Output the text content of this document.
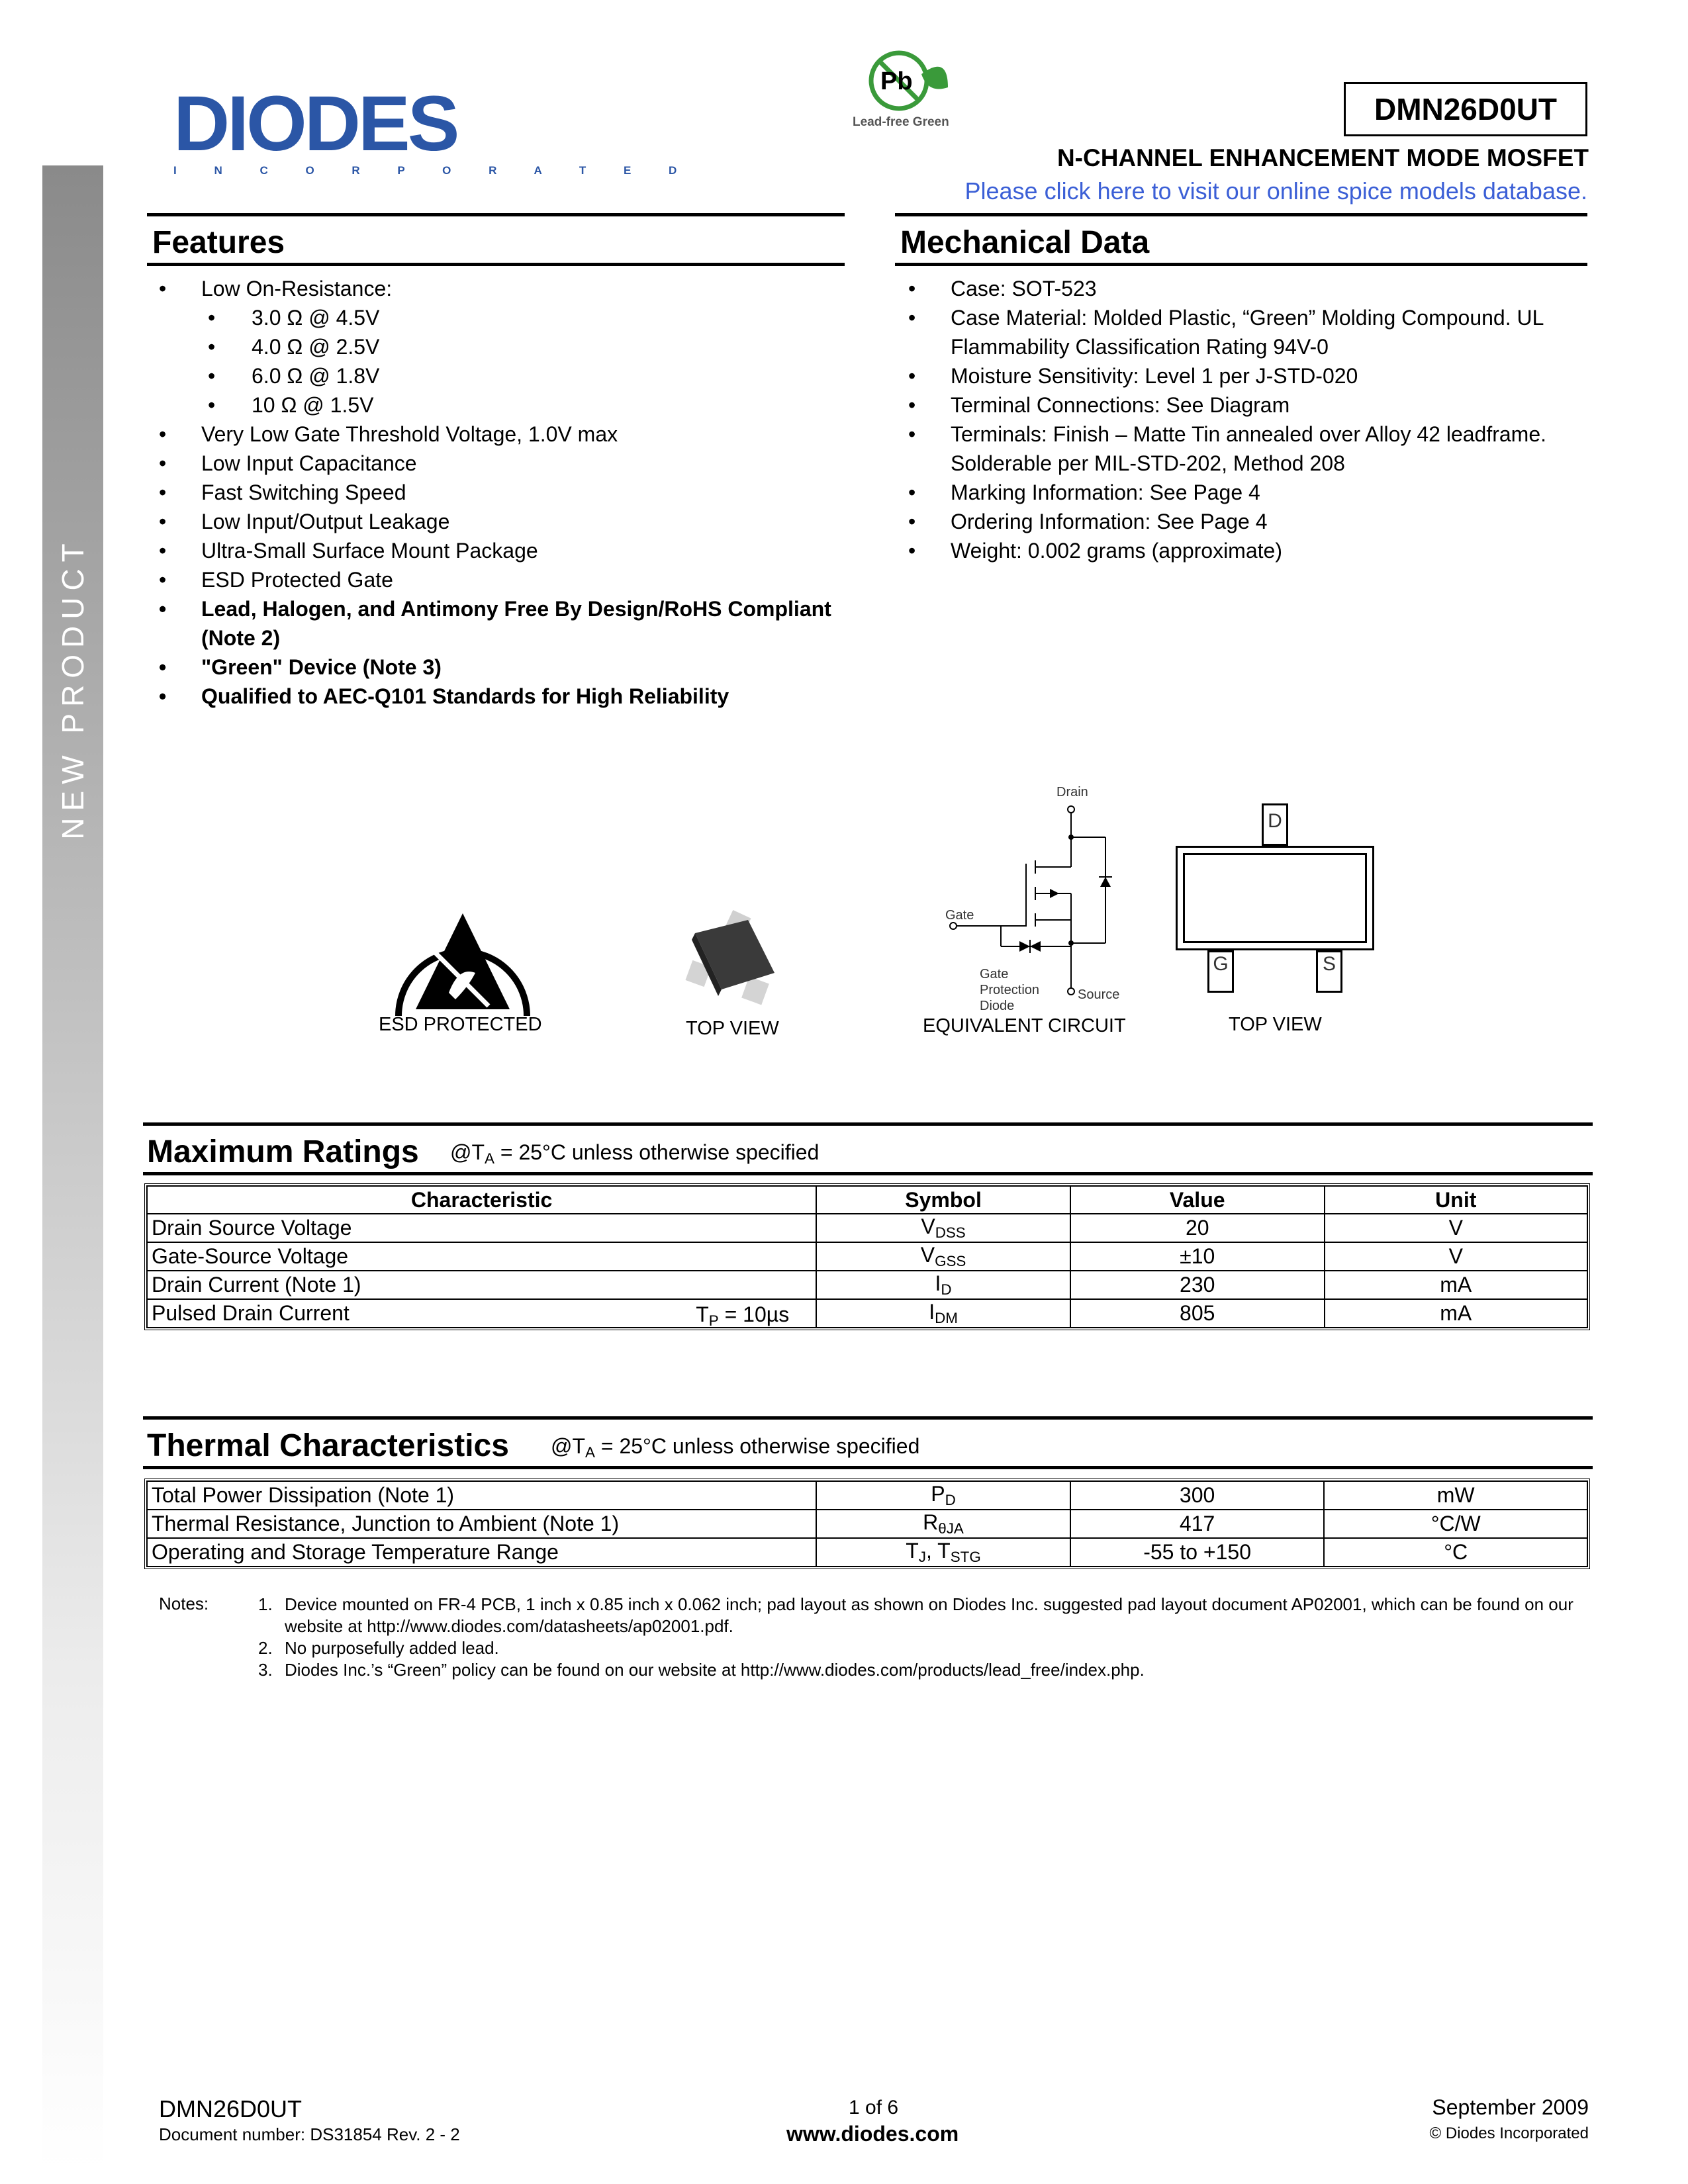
NEW PRODUCT
DIODES
I N C O R P O R A T E D
Pb
Lead-free Green	DMN26D0UT
N-CHANNEL ENHANCEMENT MODE MOSFET
Please click here to visit our online spice models database.
Features
• Low On-Resistance:
• 3.0 Ω @ 4.5V
• 4.0 Ω @ 2.5V
• 6.0 Ω @ 1.8V
• 10 Ω @ 1.5V
• Very Low Gate Threshold Voltage, 1.0V max
• Low Input Capacitance
• Fast Switching Speed
• Low Input/Output Leakage
• Ultra-Small Surface Mount Package
• ESD Protected Gate
• Lead, Halogen, and Antimony Free By Design/RoHS Compliant (Note 2)
• "Green" Device (Note 3)
• Qualified to AEC-Q101 Standards for High Reliability
Mechanical Data
• Case: SOT-523
• Case Material: Molded Plastic, “Green” Molding Compound. UL Flammability Classification Rating 94V-0
• Moisture Sensitivity: Level 1 per J-STD-020
• Terminal Connections: See Diagram
• Terminals: Finish – Matte Tin annealed over Alloy 42 leadframe. Solderable per MIL-STD-202, Method 208
• Marking Information: See Page 4
• Ordering Information: See Page 4
• Weight: 0.002 grams (approximate)
ESD PROTECTED	TOP VIEW
Drain
Gate
Gate Protection Diode
Source
EQUIVALENT CIRCUIT
D
G	S
TOP VIEW
Maximum Ratings $@T_A = 25^\circ C$ unless otherwise specified
Characteristic	Symbol	Value	Unit
Drain Source Voltage	$V_{DSS}$	20	V
Gate-Source Voltage	$V_{GSS}$	±10	V
Drain Current (Note 1)	$I_D$	230	mA
Pulsed Drain Current $T_P = 10\mu s$	$I_{DM}$	805	mA
Thermal Characteristics $@T_A = 25^\circ C$ unless otherwise specified
Total Power Dissipation (Note 1)	$P_D$	300	mW
Thermal Resistance, Junction to Ambient (Note 1)	$R_{\theta JA}$	417	°C/W
Operating and Storage Temperature Range	$T_J$, $T_{STG}$	-55 to +150	°C
Notes:	1. Device mounted on FR-4 PCB, 1 inch x 0.85 inch x 0.062 inch; pad layout as shown on Diodes Inc. suggested pad layout document AP02001, which can be found on our website at http://www.diodes.com/datasheets/ap02001.pdf.
2. No purposefully added lead.
3. Diodes Inc.’s “Green” policy can be found on our website at http://www.diodes.com/products/lead_free/index.php.
DMN26D0UT
Document number: DS31854 Rev. 2 - 2
1 of 6
www.diodes.com
September 2009
© Diodes Incorporated
